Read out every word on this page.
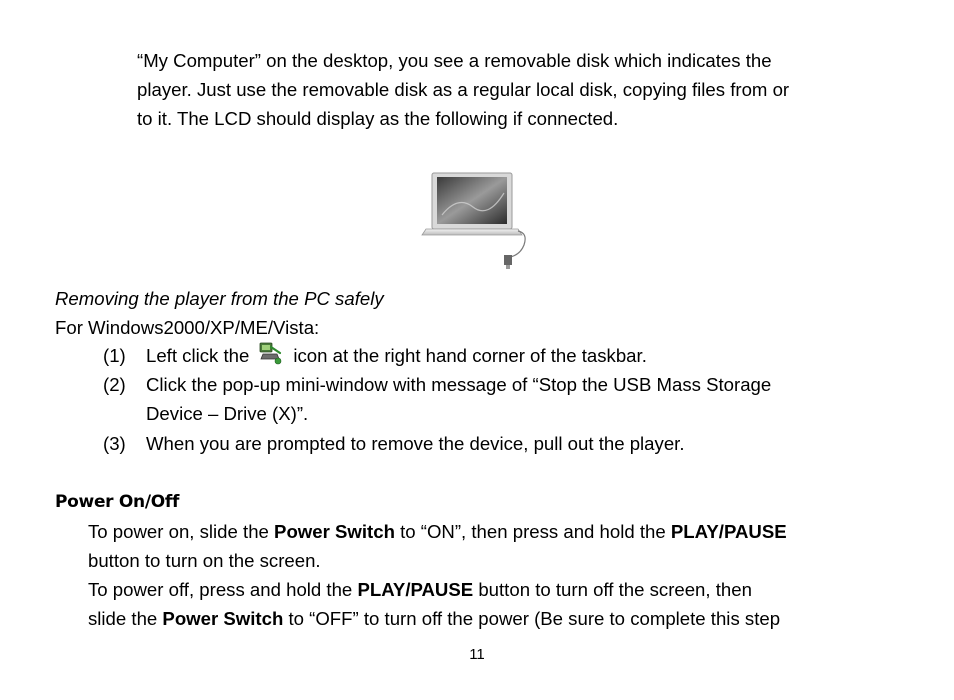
“My Computer” on the desktop, you see a removable disk which indicates the
player. Just use the removable disk as a regular local disk, copying files from or
to it. The LCD should display as the following if connected.

Removing the player from the PC safely

For Windows2000/XP/ME/Vista:

(1) Left click the icon at the right hand corner of the taskbar.

(2) Click the pop-up mini-window with message of “Stop the USB Mass Storage
Device – Drive (X)”.

(3) When you are prompted to remove the device, pull out the player.

Power On/Off

To power on, slide the Power Switch to “ON”, then press and hold the PLAY/PAUSE
button to turn on the screen.
To power off, press and hold the PLAY/PAUSE button to turn off the screen, then
slide the Power Switch to “OFF” to turn off the power (Be sure to complete this step

11
